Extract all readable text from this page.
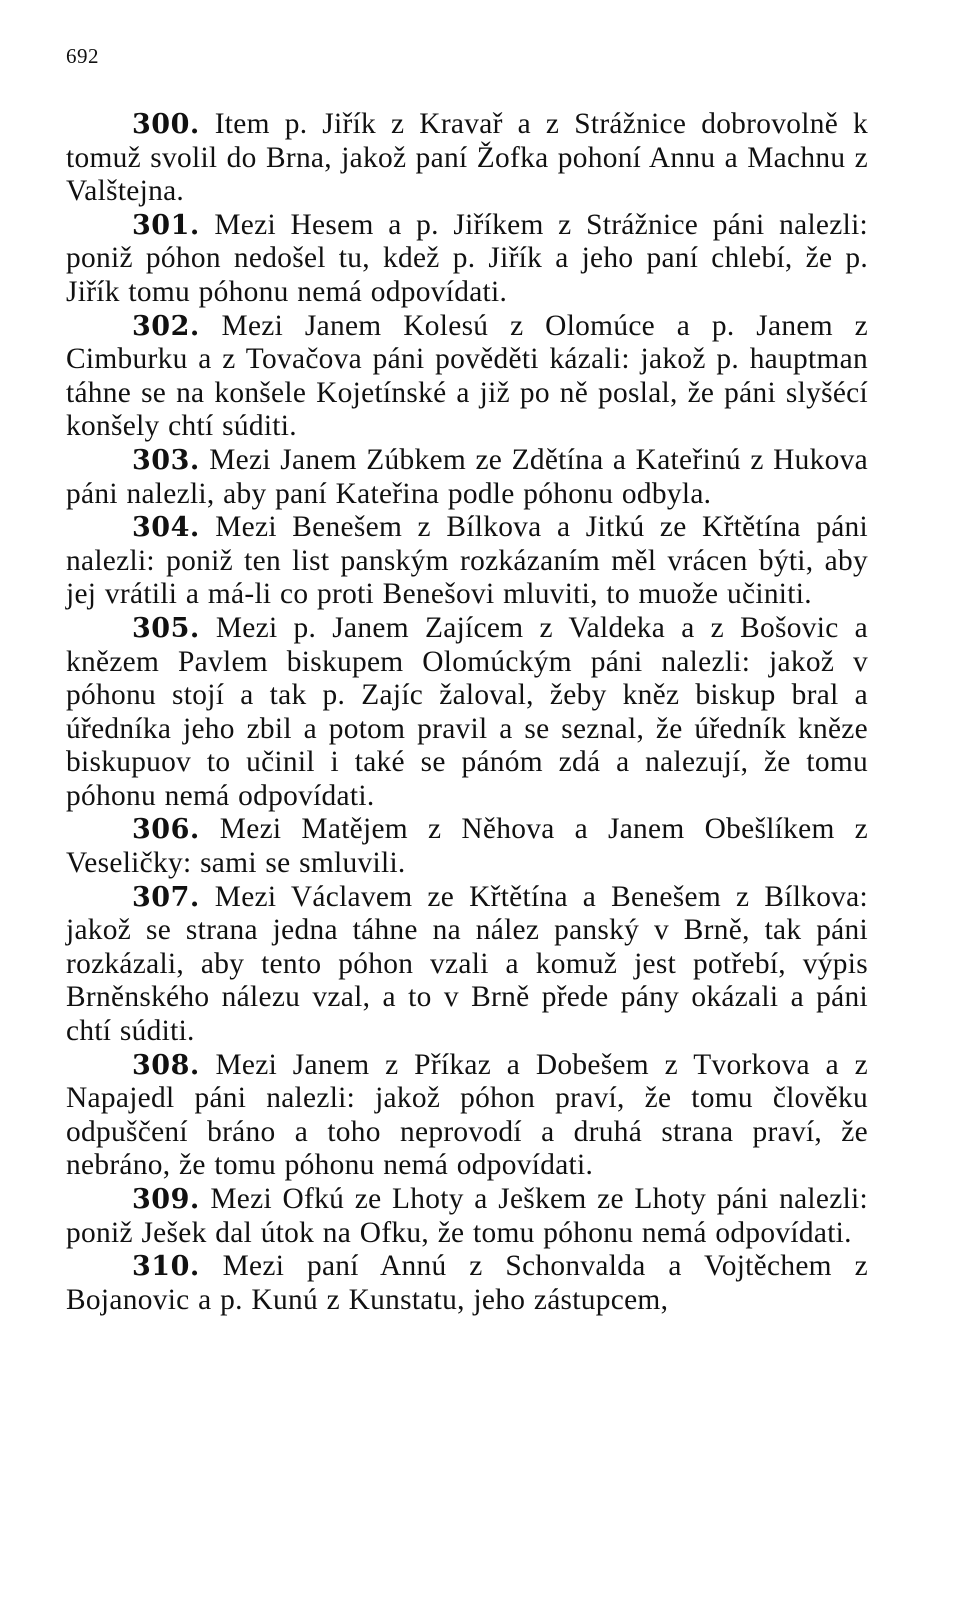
692

300. Item p. Jiřík z Kravař a z Strážnice dobrovolně k tomuž svolil do Brna, jakož paní Žofka pohoní Annu a Machnu z Valštejna.

301. Mezi Hesem a p. Jiříkem z Strážnice páni nalezli: poniž póhon nedošel tu, kdež p. Jiřík a jeho paní chlebí, že p. Jiřík tomu póhonu nemá odpovídati.

302. Mezi Janem Kolesú z Olomúce a p. Janem z Cimburku a z Tovačova páni pověděti kázali: jakož p. hauptman táhne se na konšele Kojetínské a již po ně poslal, že páni slyšécí konšely chtí súditi.

303. Mezi Janem Zúbkem ze Zdětína a Kateřinú z Hukova páni nalezli, aby paní Kateřina podle póhonu odbyla.

304. Mezi Benešem z Bílkova a Jitkú ze Křtětína páni nalezli: poniž ten list panským rozkázaním měl vrácen býti, aby jej vrátili a má-li co proti Benešovi mluviti, to muože učiniti.

305. Mezi p. Janem Zajícem z Valdeka a z Bošovic a knězem Pavlem biskupem Olomúckým páni nalezli: jakož v póhonu stojí a tak p. Zajíc žaloval, žeby kněz biskup bral a úředníka jeho zbil a potom pravil a se seznal, že úředník kněze biskupuov to učinil i také se pánóm zdá a nalezují, že tomu póhonu nemá odpovídati.

306. Mezi Matějem z Něhova a Janem Obešlíkem z Veseličky: sami se smluvili.

307. Mezi Václavem ze Křtětína a Benešem z Bílkova: jakož se strana jedna táhne na nález panský v Brně, tak páni rozkázali, aby tento póhon vzali a komuž jest potřebí, výpis Brněnského nálezu vzal, a to v Brně přede pány okázali a páni chtí súditi.

308. Mezi Janem z Příkaz a Dobešem z Tvorkova a z Napajedl páni nalezli: jakož póhon praví, že tomu člověku odpuščení bráno a toho neprovodí a druhá strana praví, že nebráno, že tomu póhonu nemá odpovídati.

309. Mezi Ofkú ze Lhoty a Ješkem ze Lhoty páni nalezli: poniž Ješek dal útok na Ofku, že tomu póhonu nemá odpovídati.

310. Mezi paní Annú z Schonvalda a Vojtěchem z Bojanovic a p. Kunú z Kunstatu, jeho zástupcem,
